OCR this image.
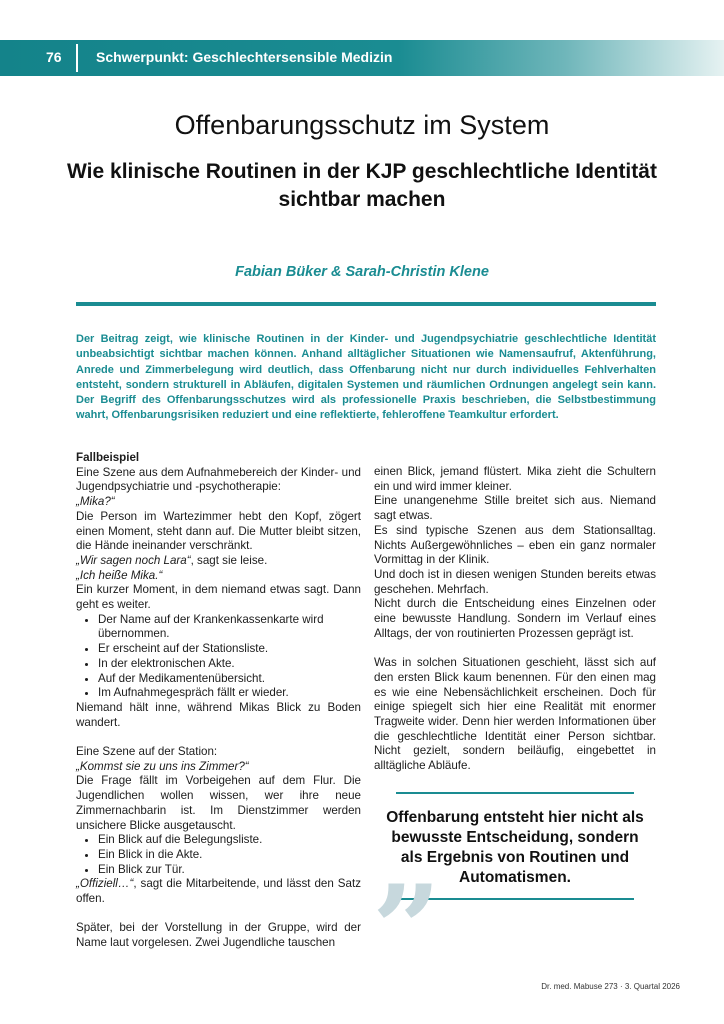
76 Schwerpunkt: Geschlechtersensible Medizin
Offenbarungsschutz im System
Wie klinische Routinen in der KJP geschlechtliche Identität sichtbar machen
Fabian Büker & Sarah-Christin Klene
Der Beitrag zeigt, wie klinische Routinen in der Kinder- und Jugendpsychiatrie geschlechtliche Identität unbeabsichtigt sichtbar machen können. Anhand alltäglicher Situationen wie Namensaufruf, Aktenführung, Anrede und Zimmerbelegung wird deutlich, dass Offenbarung nicht nur durch individuelles Fehlverhalten entsteht, sondern strukturell in Abläufen, digitalen Systemen und räumlichen Ordnungen angelegt sein kann. Der Begriff des Offenbarungsschutzes wird als professionelle Praxis beschrieben, die Selbstbestimmung wahrt, Offenbarungsrisiken reduziert und eine reflektierte, fehleroffene Teamkultur erfordert.

Fallbeispiel

Eine Szene aus dem Aufnahmebereich der Kinder- und Jugendpsychiatrie und -psychotherapie:

„Mika?“

Die Person im Wartezimmer hebt den Kopf, zögert einen Moment, steht dann auf. Die Mutter bleibt sitzen, die Hände ineinander verschränkt.

„Wir sagen noch Lara“, sagt sie leise.

„Ich heiße Mika.“

Ein kurzer Moment, in dem niemand etwas sagt. Dann geht es weiter.

• Der Name auf der Krankenkassenkarte wird übernommen.
• Er erscheint auf der Stationsliste.
• In der elektronischen Akte.
• Auf der Medikamentenübersicht.
• Im Aufnahmegespräch fällt er wieder.

Niemand hält inne, während Mikas Blick zu Boden wandert.

Eine Szene auf der Station:

„Kommst sie zu uns ins Zimmer?“

Die Frage fällt im Vorbeigehen auf dem Flur. Die Jugendlichen wollen wissen, wer ihre neue Zimmernachbarin ist. Im Dienstzimmer werden unsichere Blicke ausgetauscht.

• Ein Blick auf die Belegungsliste.
• Ein Blick in die Akte.
• Ein Blick zur Tür.

„Offiziell…“, sagt die Mitarbeitende, und lässt den Satz offen.

Später, bei der Vorstellung in der Gruppe, wird der Name laut vorgelesen. Zwei Jugendliche tauschen

einen Blick, jemand flüstert. Mika zieht die Schultern ein und wird immer kleiner.

Eine unangenehme Stille breitet sich aus. Niemand sagt etwas.

Es sind typische Szenen aus dem Stationsalltag. Nichts Außergewöhnliches – eben ein ganz normaler Vormittag in der Klinik.

Und doch ist in diesen wenigen Stunden bereits etwas geschehen. Mehrfach.

Nicht durch die Entscheidung eines Einzelnen oder eine bewusste Handlung. Sondern im Verlauf eines Alltags, der von routinierten Prozessen geprägt ist.

Was in solchen Situationen geschieht, lässt sich auf den ersten Blick kaum benennen. Für den einen mag es wie eine Nebensächlichkeit erscheinen. Doch für einige spiegelt sich hier eine Realität mit enormer Tragweite wider. Denn hier werden Informationen über die geschlechtliche Identität einer Person sichtbar. Nicht gezielt, sondern beiläufig, eingebettet in alltägliche Abläufe.

Offenbarung entsteht hier nicht als bewusste Entscheidung, sondern als Ergebnis von Routinen und Automatismen.
”	Dr. med. Mabuse 273 · 3. Quartal 2026
